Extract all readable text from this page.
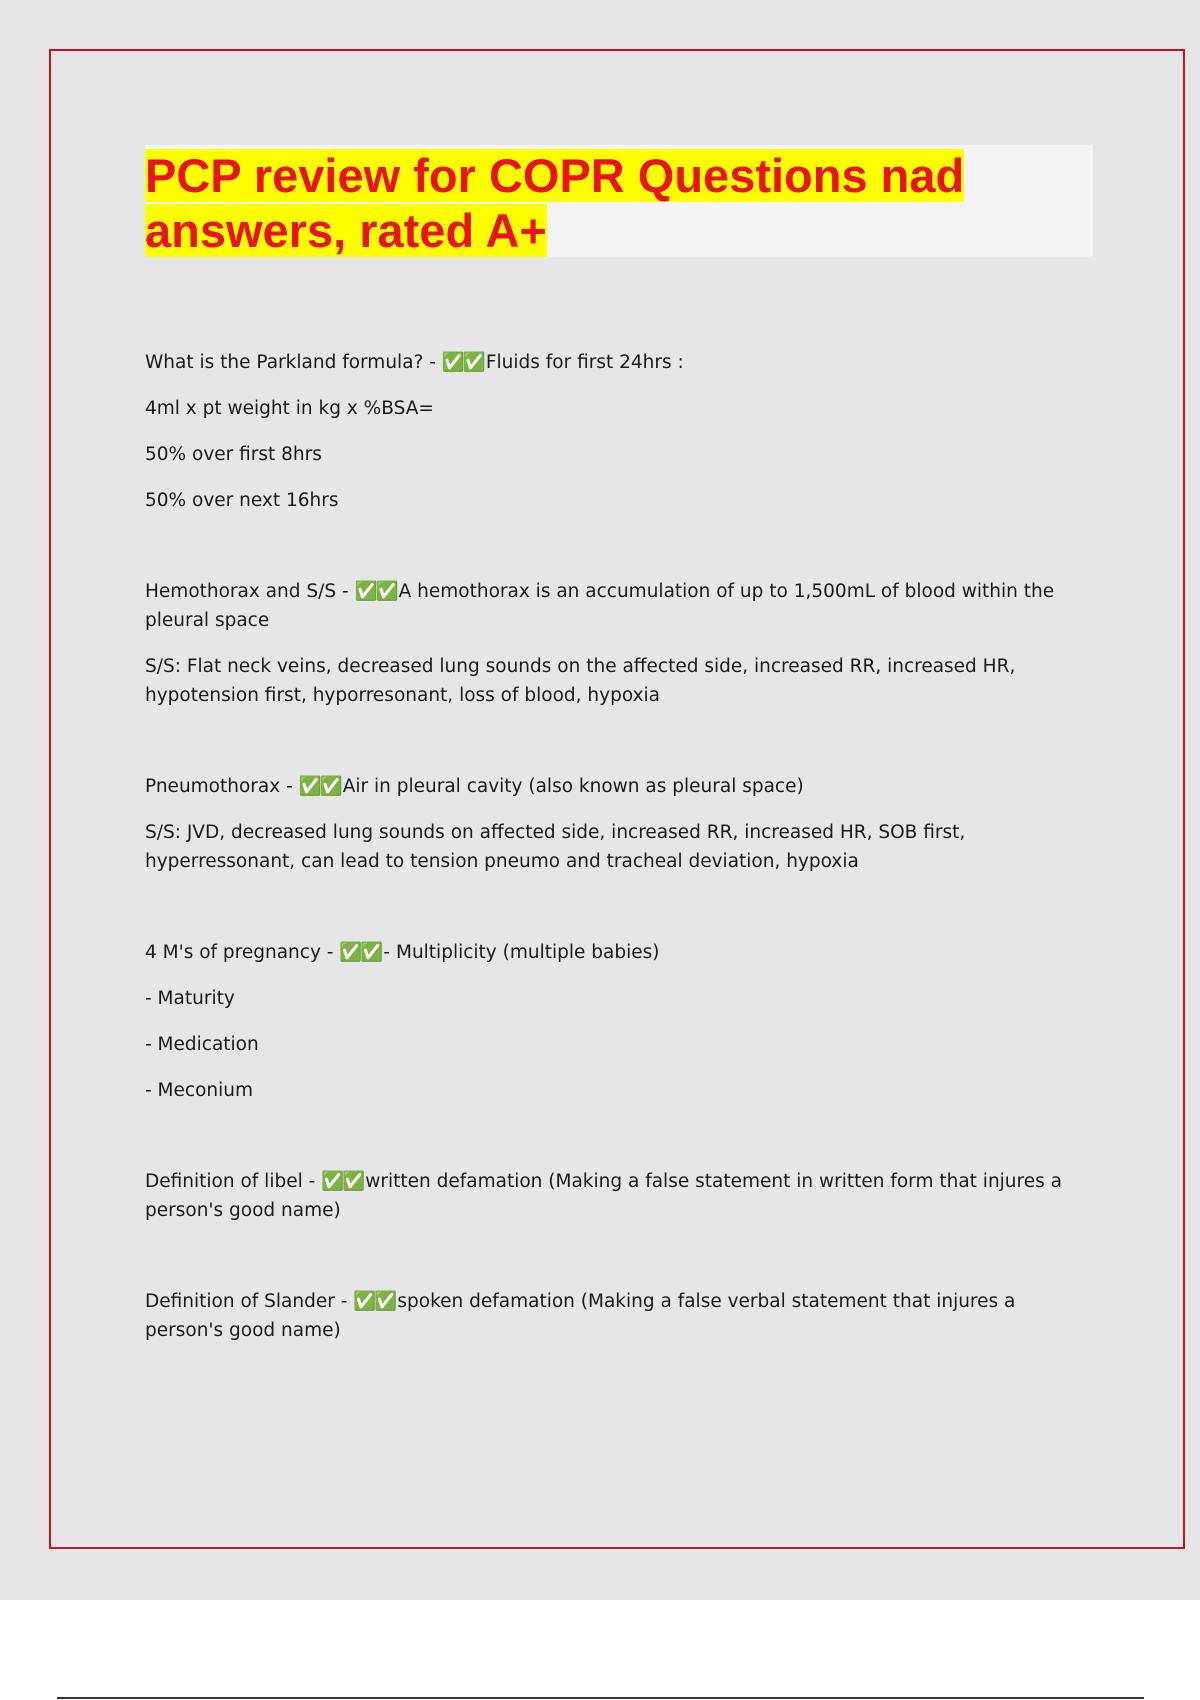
PCP review for COPR Questions nad answers, rated A+

What is the Parkland formula? - ✅✅ Fluids for first 24hrs :

4ml x pt weight in kg x %BSA=

50% over first 8hrs

50% over next 16hrs

Hemothorax and S/S - ✅✅ A hemothorax is an accumulation of up to 1,500mL of blood within the pleural space

S/S: Flat neck veins, decreased lung sounds on the affected side, increased RR, increased HR, hypotension first, hyporresonant, loss of blood, hypoxia

Pneumothorax - ✅✅ Air in pleural cavity (also known as pleural space)

S/S: JVD, decreased lung sounds on affected side, increased RR, increased HR, SOB first, hyperressonant, can lead to tension pneumo and tracheal deviation, hypoxia

4 M's of pregnancy - ✅✅ - Multiplicity (multiple babies)

- Maturity

- Medication

- Meconium

Definition of libel - ✅✅ written defamation (Making a false statement in written form that injures a person's good name)

Definition of Slander - ✅✅ spoken defamation (Making a false verbal statement that injures a person's good name)
